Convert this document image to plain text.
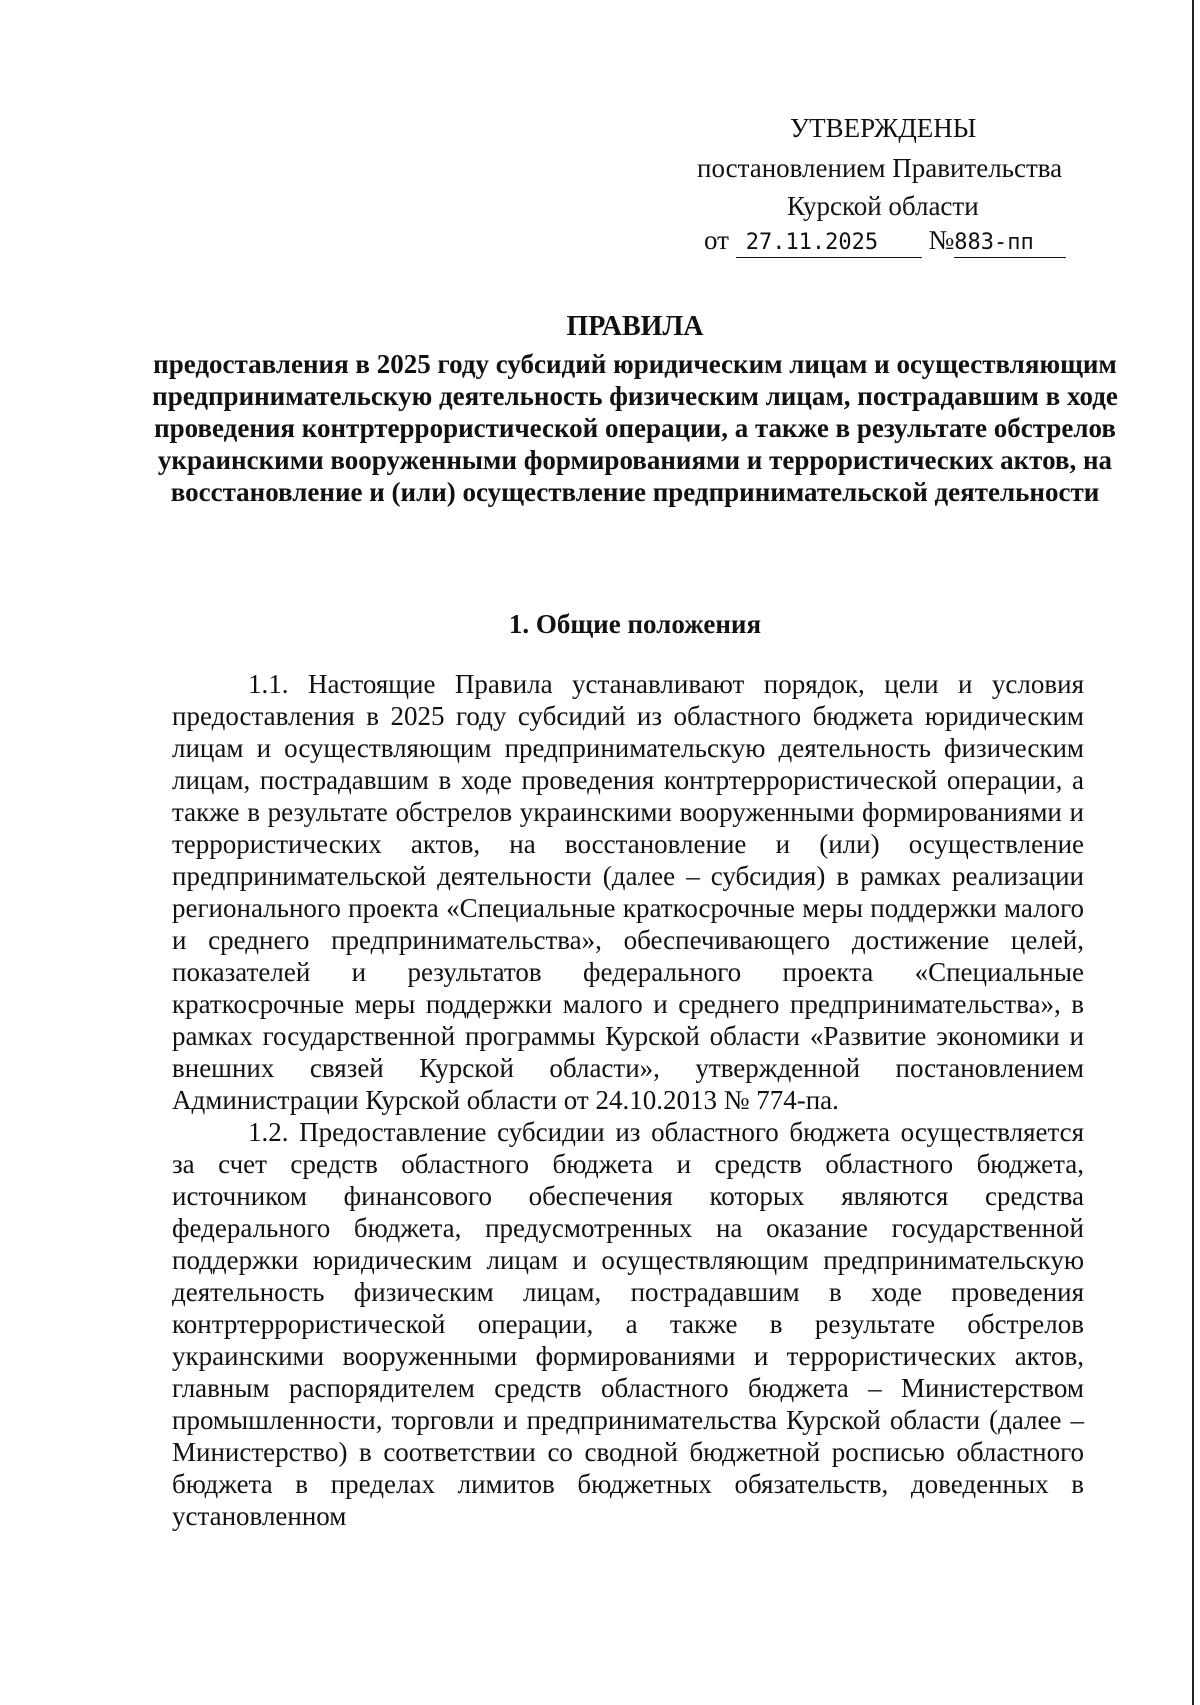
УТВЕРЖДЕНЫ
постановлением Правительства
Курской области
от 27.11.2025 №883-пп
ПРАВИЛА
предоставления в 2025 году субсидий юридическим лицам и осуществляющим предпринимательскую деятельность физическим лицам, пострадавшим в ходе проведения контртеррористической операции, а также в результате обстрелов украинскими вооруженными формированиями и террористических актов, на восстановление и (или) осуществление предпринимательской деятельности
1. Общие положения

1.1. Настоящие Правила устанавливают порядок, цели и условия предоставления в 2025 году субсидий из областного бюджета юридическим лицам и осуществляющим предпринимательскую деятельность физическим лицам, пострадавшим в ходе проведения контртеррористической операции, а также в результате обстрелов украинскими вооруженными формированиями и террористических актов, на восстановление и (или) осуществление предпринимательской деятельности (далее – субсидия) в рамках реализации регионального проекта «Специальные краткосрочные меры поддержки малого и среднего предпринимательства», обеспечивающего достижение целей, показателей и результатов федерального проекта «Специальные краткосрочные меры поддержки малого и среднего предпринимательства», в рамках государственной программы Курской области «Развитие экономики и внешних связей Курской области», утвержденной постановлением Администрации Курской области от 24.10.2013 № 774-па.

1.2. Предоставление субсидии из областного бюджета осуществляется за счет средств областного бюджета и средств областного бюджета, источником финансового обеспечения которых являются средства федерального бюджета, предусмотренных на оказание государственной поддержки юридическим лицам и осуществляющим предпринимательскую деятельность физическим лицам, пострадавшим в ходе проведения контртеррористической операции, а также в результате обстрелов украинскими вооруженными формированиями и террористических актов, главным распорядителем средств областного бюджета – Министерством промышленности, торговли и предпринимательства Курской области (далее – Министерство) в соответствии со сводной бюджетной росписью областного бюджета в пределах лимитов бюджетных обязательств, доведенных в установленном
